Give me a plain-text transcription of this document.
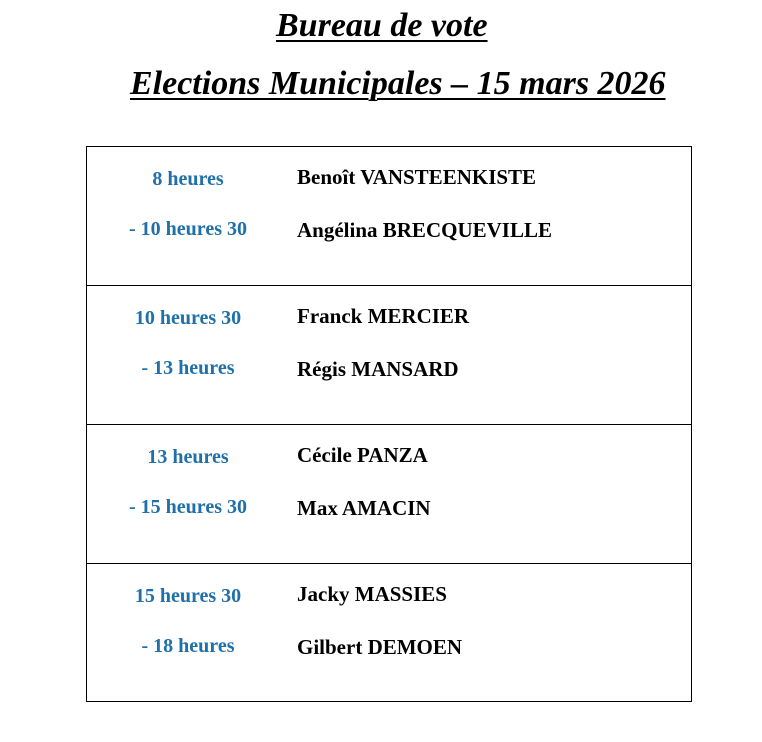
Bureau de vote
Elections Municipales – 15 mars 2026
8 heures
- 10 heures 30
Benoît VANSTEENKISTE
Angélina BRECQUEVILLE
10 heures 30
- 13 heures
Franck MERCIER
Régis MANSARD
13 heures
- 15 heures 30
Cécile PANZA
Max AMACIN
15 heures 30
- 18 heures
Jacky MASSIES
Gilbert DEMOEN
